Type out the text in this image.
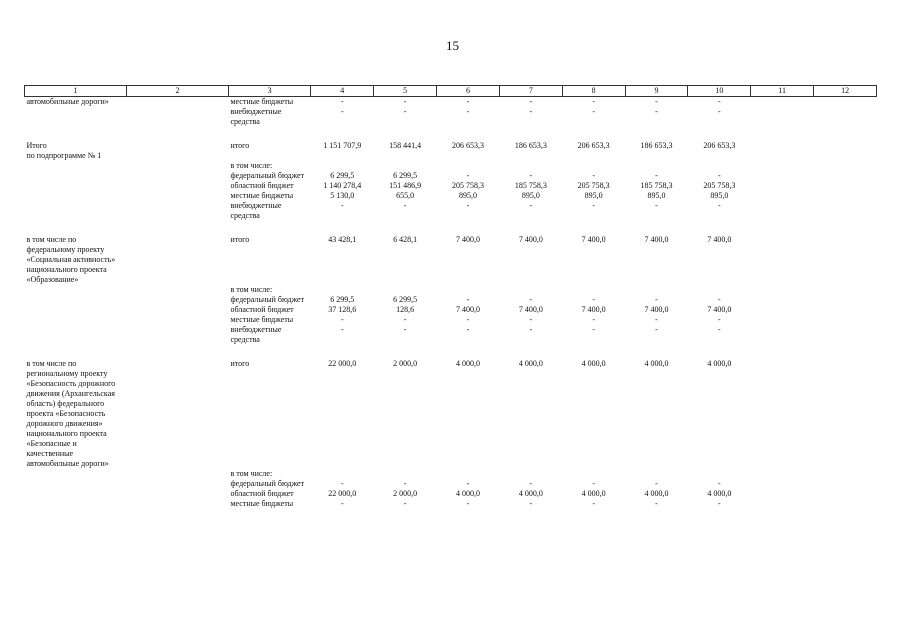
15
1	2	3	4	5	6	7	8	9	10	11	12
автомобильные дороги»		местные бюджеты	-	-	-	-	-	-	-		
		внебюджетные средства	-	-	-	-	-	-	-		

Итого
по подпрограмме № 1		итого	1 151 707,9	158 441,4	206 653,3	186 653,3	206 653,3	186 653,3	206 653,3		
		в том числе:									
		федеральный бюджет	6 299,5	6 299,5	-	-	-	-	-		
		областной бюджет	1 140 278,4	151 486,9	205 758,3	185 758,3	205 758,3	185 758,3	205 758,3		
		местные бюджеты	5 130,0	655,0	895,0	895,0	895,0	895,0	895,0		
		внебюджетные средства	-	-	-	-	-	-	-		

в том числе по федеральному проекту «Социальная активность» национального проекта «Образование»		итого	43 428,1	6 428,1	7 400,0	7 400,0	7 400,0	7 400,0	7 400,0		
		в том числе:									
		федеральный бюджет	6 299,5	6 299,5	-	-	-	-	-		
		областной бюджет	37 128,6	128,6	7 400,0	7 400,0	7 400,0	7 400,0	7 400,0		
		местные бюджеты	-	-	-	-	-	-	-		
		внебюджетные средства	-	-	-	-	-	-	-		

в том числе по региональному проекту «Безопасность дорожного движения (Архангельская область) федерального проекта «Безопасность дорожного движения» национального проекта «Безопасные и качественные автомобильные дороги»		итого	22 000,0	2 000,0	4 000,0	4 000,0	4 000,0	4 000,0	4 000,0		
		в том числе:									
		федеральный бюджет	-	-	-	-	-	-	-		
		областной бюджет	22 000,0	2 000,0	4 000,0	4 000,0	4 000,0	4 000,0	4 000,0		
		местные бюджеты	-	-	-	-	-	-	-		
